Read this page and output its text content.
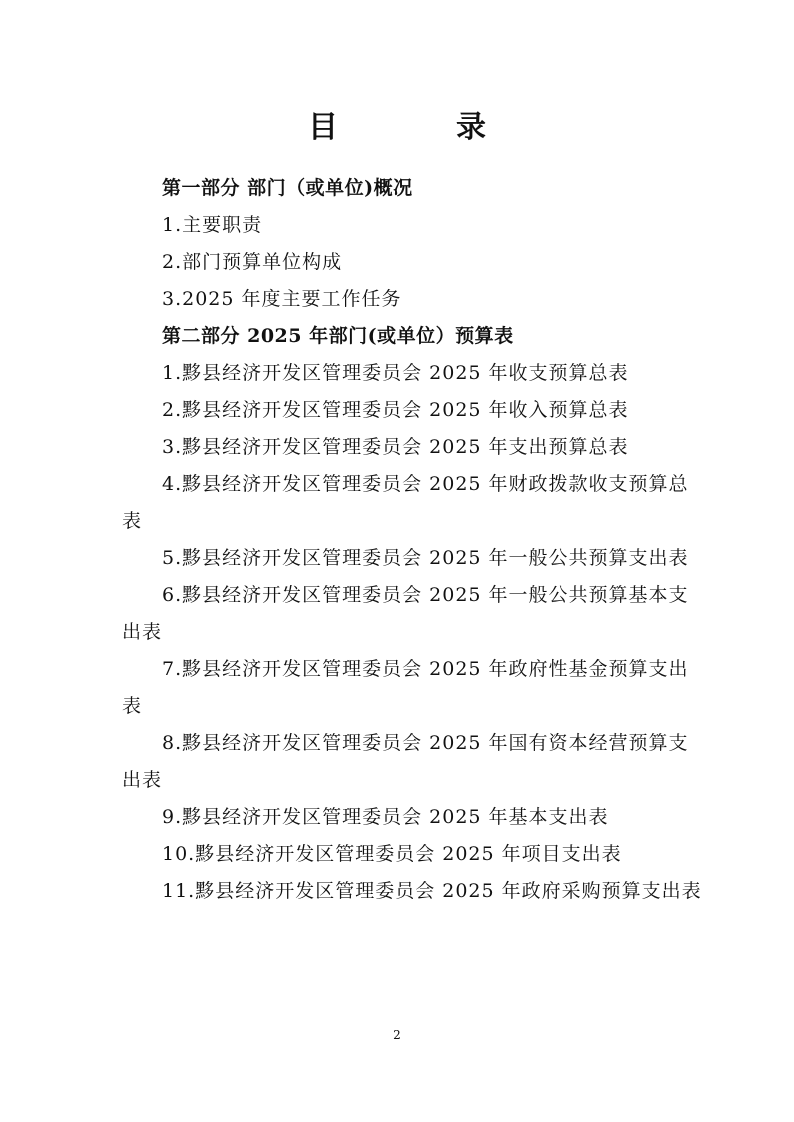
目　录

第一部分 部门（或单位)概况

1.主要职责

2.部门预算单位构成

3.2025 年度主要工作任务

第二部分 2025 年部门(或单位）预算表

1.黟县经济开发区管理委员会 2025 年收支预算总表

2.黟县经济开发区管理委员会 2025 年收入预算总表

3.黟县经济开发区管理委员会 2025 年支出预算总表

4.黟县经济开发区管理委员会 2025 年财政拨款收支预算总表

5.黟县经济开发区管理委员会 2025 年一般公共预算支出表

6.黟县经济开发区管理委员会 2025 年一般公共预算基本支出表

7.黟县经济开发区管理委员会 2025 年政府性基金预算支出表

8.黟县经济开发区管理委员会 2025 年国有资本经营预算支出表

9.黟县经济开发区管理委员会 2025 年基本支出表

10.黟县经济开发区管理委员会 2025 年项目支出表

11.黟县经济开发区管理委员会 2025 年政府采购预算支出表

2
